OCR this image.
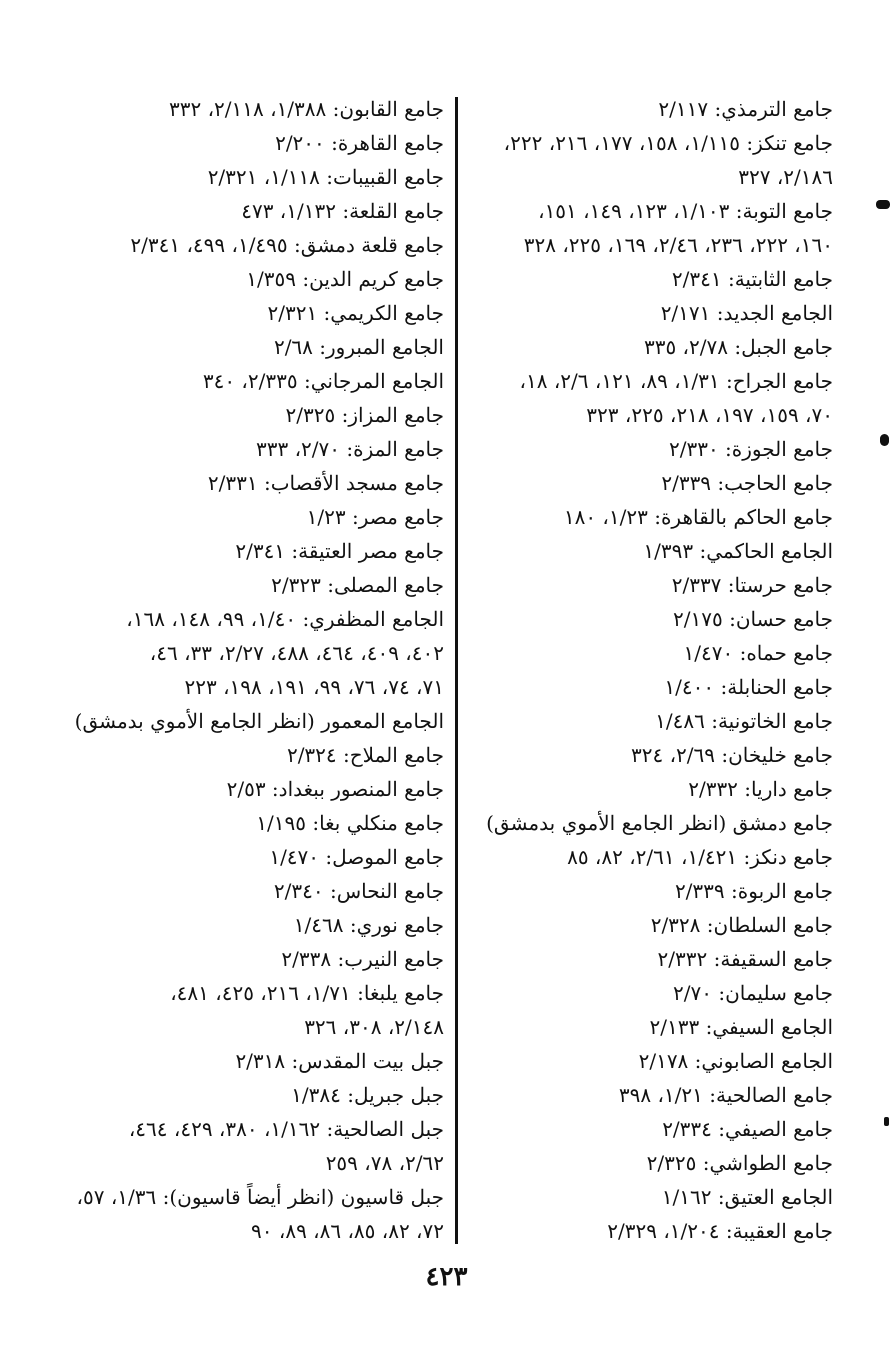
جامع الترمذي: ٢/١١٧
جامع تنكز: ١/١١٥، ١٥٨، ١٧٧، ٢١٦، ٢٢٢،
٢/١٨٦، ٣٢٧
جامع التوبة: ١/١٠٣، ١٢٣، ١٤٩، ١٥١،
١٦٠، ٢٢٢، ٢٣٦، ٢/٤٦، ١٦٩، ٢٢٥، ٣٢٨
جامع الثابتية: ٢/٣٤١
الجامع الجديد: ٢/١٧١
جامع الجبل: ٢/٧٨، ٣٣٥
جامع الجراح: ١/٣١، ٨٩، ١٢١، ٢/٦، ١٨،
٧٠، ١٥٩، ١٩٧، ٢١٨، ٢٢٥، ٣٢٣
جامع الجوزة: ٢/٣٣٠
جامع الحاجب: ٢/٣٣٩
جامع الحاكم بالقاهرة: ١/٢٣، ١٨٠
الجامع الحاكمي: ١/٣٩٣
جامع حرستا: ٢/٣٣٧
جامع حسان: ٢/١٧٥
جامع حماه: ١/٤٧٠
جامع الحنابلة: ١/٤٠٠
جامع الخاتونية: ١/٤٨٦
جامع خليخان: ٢/٦٩، ٣٢٤
جامع داريا: ٢/٣٣٢
جامع دمشق (انظر الجامع الأموي بدمشق)
جامع دنكز: ١/٤٢١، ٢/٦١، ٨٢، ٨٥
جامع الربوة: ٢/٣٣٩
جامع السلطان: ٢/٣٢٨
جامع السقيفة: ٢/٣٣٢
جامع سليمان: ٢/٧٠
الجامع السيفي: ٢/١٣٣
الجامع الصابوني: ٢/١٧٨
جامع الصالحية: ١/٢١، ٣٩٨
جامع الصيفي: ٢/٣٣٤
جامع الطواشي: ٢/٣٢٥
الجامع العتيق: ١/١٦٢
جامع العقيبة: ١/٢٠٤، ٢/٣٢٩
جامع القابون: ١/٣٨٨، ٢/١١٨، ٣٣٢
جامع القاهرة: ٢/٢٠٠
جامع القبيبات: ١/١١٨، ٢/٣٢١
جامع القلعة: ١/١٣٢، ٤٧٣
جامع قلعة دمشق: ١/٤٩٥، ٤٩٩، ٢/٣٤١
جامع كريم الدين: ١/٣٥٩
جامع الكريمي: ٢/٣٢١
الجامع المبرور: ٢/٦٨
الجامع المرجاني: ٢/٣٣٥، ٣٤٠
جامع المزاز: ٢/٣٢٥
جامع المزة: ٢/٧٠، ٣٣٣
جامع مسجد الأقصاب: ٢/٣٣١
جامع مصر: ١/٢٣
جامع مصر العتيقة: ٢/٣٤١
جامع المصلى: ٢/٣٢٣
الجامع المظفري: ١/٤٠، ٩٩، ١٤٨، ١٦٨،
٤٠٢، ٤٠٩، ٤٦٤، ٤٨٨، ٢/٢٧، ٣٣، ٤٦،
٧١، ٧٤، ٧٦، ٩٩، ١٩١، ١٩٨، ٢٢٣
الجامع المعمور (انظر الجامع الأموي بدمشق)
جامع الملاح: ٢/٣٢٤
جامع المنصور ببغداد: ٢/٥٣
جامع منكلي بغا: ١/١٩٥
جامع الموصل: ١/٤٧٠
جامع النحاس: ٢/٣٤٠
جامع نوري: ١/٤٦٨
جامع النيرب: ٢/٣٣٨
جامع يلبغا: ١/٧١، ٢١٦، ٤٢٥، ٤٨١،
٢/١٤٨، ٣٠٨، ٣٢٦
جبل بيت المقدس: ٢/٣١٨
جبل جبريل: ١/٣٨٤
جبل الصالحية: ١/١٦٢، ٣٨٠، ٤٢٩، ٤٦٤،
٢/٦٢، ٧٨، ٢٥٩
جبل قاسيون (انظر أيضاً قاسيون): ١/٣٦، ٥٧،
٧٢، ٨٢، ٨٥، ٨٦، ٨٩، ٩٠
٤٢٣
